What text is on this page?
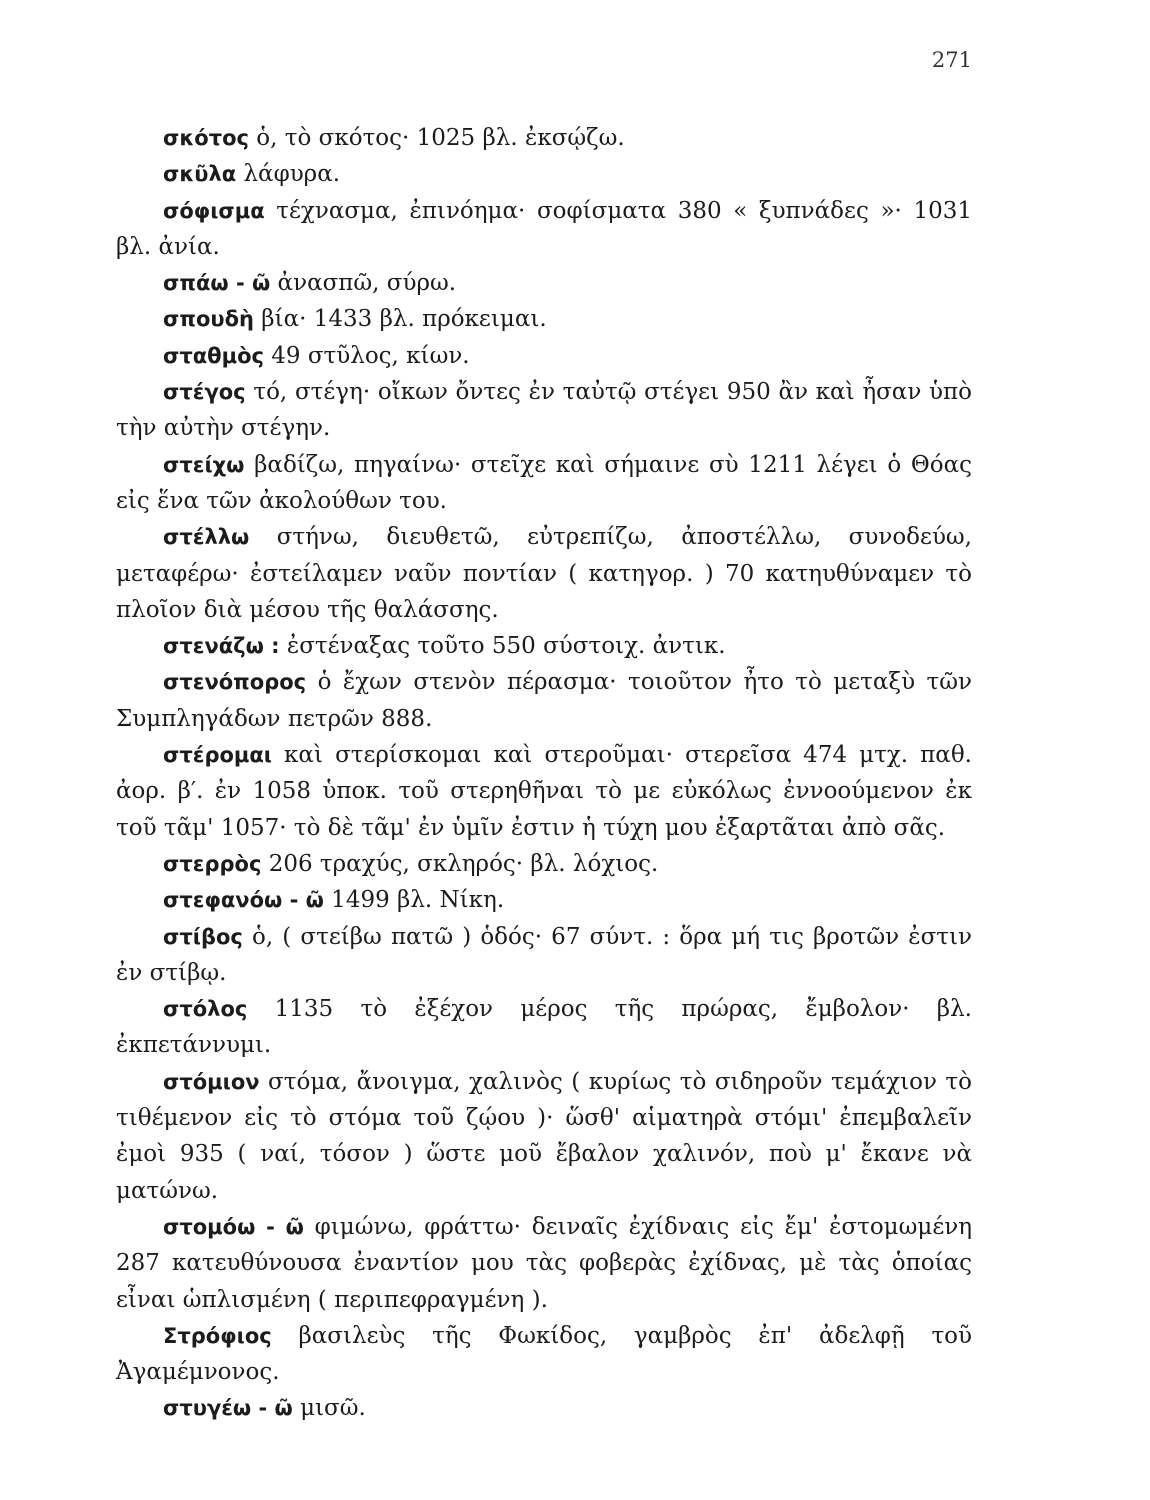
271

σκότος ὁ, τὸ σκότος· 1025 βλ. ἐκσῴζω.

σκῦλα λάφυρα.

σόφισμα τέχνασμα, ἐπινόημα· σοφίσματα 380 « ξυπνάδες »· 1031 βλ. ἀνία.

σπάω - ῶ ἀνασπῶ, σύρω.

σπουδὴ βία· 1433 βλ. πρόκειμαι.

σταθμὸς 49 στῦλος, κίων.

στέγος τό, στέγη· οἴκων ὄντες ἐν ταὐτῷ στέγει 950 ἂν καὶ ἦσαν ὑπὸ τὴν αὐτὴν στέγην.

στείχω βαδίζω, πηγαίνω· στεῖχε καὶ σήμαινε σὺ 1211 λέγει ὁ Θόας εἰς ἕνα τῶν ἀκολούθων του.

στέλλω στήνω, διευθετῶ, εὐτρεπίζω, ἀποστέλλω, συνοδεύω, μεταφέρω· ἐστείλαμεν ναῦν ποντίαν ( κατηγορ. ) 70 κατηυθύναμεν τὸ πλοῖον διὰ μέσου τῆς θαλάσσης.

στενάζω : ἐστέναξας τοῦτο 550 σύστοιχ. ἀντικ.

στενόπορος ὁ ἔχων στενὸν πέρασμα· τοιοῦτον ἦτο τὸ μεταξὺ τῶν Συμπληγάδων πετρῶν 888.

στέρομαι καὶ στερίσκομαι καὶ στεροῦμαι· στερεῖσα 474 μτχ. παθ. ἀορ. β′. ἐν 1058 ὑποκ. τοῦ στερηθῆναι τὸ με εὐκόλως ἐννοούμενον ἐκ τοῦ τᾶμ' 1057· τὸ δὲ τᾶμ' ἐν ὑμῖν ἐστιν ἡ τύχη μου ἐξαρτᾶται ἀπὸ σᾶς.

στερρὸς 206 τραχύς, σκληρός· βλ. λόχιος.

στεφανόω - ῶ 1499 βλ. Νίκη.

στίβος ὁ, ( στείβω πατῶ ) ὁδός· 67 σύντ. : ὅρα μή τις βροτῶν ἐστιν ἐν στίβῳ.

στόλος 1135 τὸ ἐξέχον μέρος τῆς πρώρας, ἔμβολον· βλ. ἐκπετάννυμι.

στόμιον στόμα, ἄνοιγμα, χαλινὸς ( κυρίως τὸ σιδηροῦν τεμάχιον τὸ τιθέμενον εἰς τὸ στόμα τοῦ ζῴου )· ὥσθ' αἱματηρὰ στόμι' ἐπεμβαλεῖν ἐμοὶ 935 ( ναί, τόσον ) ὥστε μοῦ ἔβαλον χαλινόν, ποὺ μ' ἔκανε νὰ ματώνω.

στομόω - ῶ φιμώνω, φράττω· δειναῖς ἐχίδναις εἰς ἔμ' ἐστομωμένη 287 κατευθύνουσα ἐναντίον μου τὰς φοβερὰς ἐχίδνας, μὲ τὰς ὁποίας εἶναι ὡπλισμένη ( περιπεφραγμένη ).

Στρόφιος βασιλεὺς τῆς Φωκίδος, γαμβρὸς ἐπ' ἀδελφῇ τοῦ Ἀγαμέμνονος.

στυγέω - ῶ μισῶ.
